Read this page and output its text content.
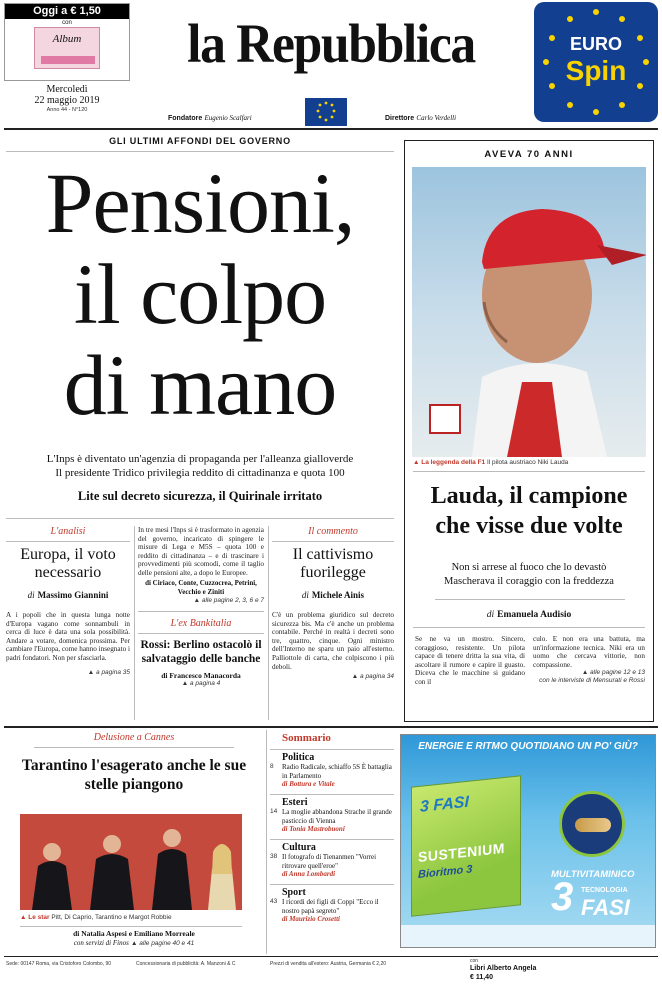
Oggi a € 1,50
con
Album
Mercoledì
22 maggio 2019
Anno 44 - N°120
la Repubblica
Fondatore Eugenio Scalfari	Direttore Carlo Verdelli
EURO
Spin
GLI ULTIMI AFFONDI DEL GOVERNO
Pensioni,
il colpo
di mano
L'Inps è diventato un'agenzia di propaganda per l'alleanza gialloverde
Il presidente Tridico privilegia reddito di cittadinanza e quota 100
Lite sul decreto sicurezza, il Quirinale irritato
L'analisi
Europa, il voto necessario
di Massimo Giannini
A i popoli che in questa lunga notte d'Europa vagano come sonnambuli in cerca di luce è data una sola possibilità. Andare a votare, domenica prossima. Per cambiare l'Europa, come hanno insegnato i padri fondatori. Non per sfasciarla.
▲ a pagina 35
In tre mesi l'Inps si è trasformato in agenzia del governo, incaricato di spingere le misure di Lega e M5S – quota 100 e reddito di cittadinanza – e di trascinare i provvedimenti più scomodi, come il taglio delle pensioni alte, a dopo le Europee.
di Ciriaco, Conte, Cuzzocrea, Petrini, Vecchio e Ziniti
▲ alle pagine 2, 3, 6 e 7
L'ex Bankitalia
Rossi: Berlino ostacolò il salvataggio delle banche
di Francesco Manacorda
▲ a pagina 4
Il commento
Il cattivismo fuorilegge
di Michele Ainis
C'è un problema giuridico sul decreto sicurezza bis. Ma c'è anche un problema contabile. Perché in realtà i decreti sono tre, quattro, cinque. Ogni ministro dell'Interno ne sparu un paio all'esterno. Palliottole di carta, che colpiscono i più deboli.
▲ a pagina 34
AVEVA 70 ANNI
▲ La leggenda della F1 Il pilota austriaco Niki Lauda
Lauda, il campione che visse due volte
Non si arrese al fuoco che lo devastò
Mascherava il coraggio con la freddezza
di Emanuela Audisio
Se ne va un mostro. Sincero, coraggioso, resistente. Un pilota capace di tenere dritta la sua vita, di ascoltare il rumore e capire il guasto. Diceva che le macchine si guidano con il
culo. E non era una battuta, ma un'informazione tecnica. Niki era un uomo che cercava vittorie, non compassione.
▲ alle pagine 12 e 13
con le interviste di Mensurati e Rossi
Delusione a Cannes
Tarantino l'esagerato anche le sue stelle piangono
▲ Le star Pitt, Di Caprio, Tarantino e Margot Robbie
di Natalia Aspesi e Emiliano Morreale
con servizi di Finos ▲ alle pagine 40 e 41
Sommario
Politica
8	Radio Radicale, schiaffo 5S È battaglia in Parlamento
di Bottura e Vitale
Esteri
14 La moglie abbandona Strache il grande pasticcio di Vienna
di Tonia Mastrobuoni
Cultura
38 Il fotografo di Tienanmen "Vorrei ritrovare quell'eroe"
di Anna Lombardi
Sport
43 I ricordi dei figli di Coppi "Ecco il nostro papà segreto"
di Maurizio Crosetti
ENERGIE E RITMO QUOTIDIANO UN PO' GIÙ?
3 FASI
SUSTENIUM
Bioritmo 3	MULTIVITAMINICO
3 TECNOLOGIA
FASI
Sede: 00147 Roma, via Cristoforo Colombo, 90	Concessionaria di pubblicità: A. Manzoni & C	Prezzi di vendita all'estero: Austria, Germania € 2,20	con
Libri Alberto Angela
€ 11,40
